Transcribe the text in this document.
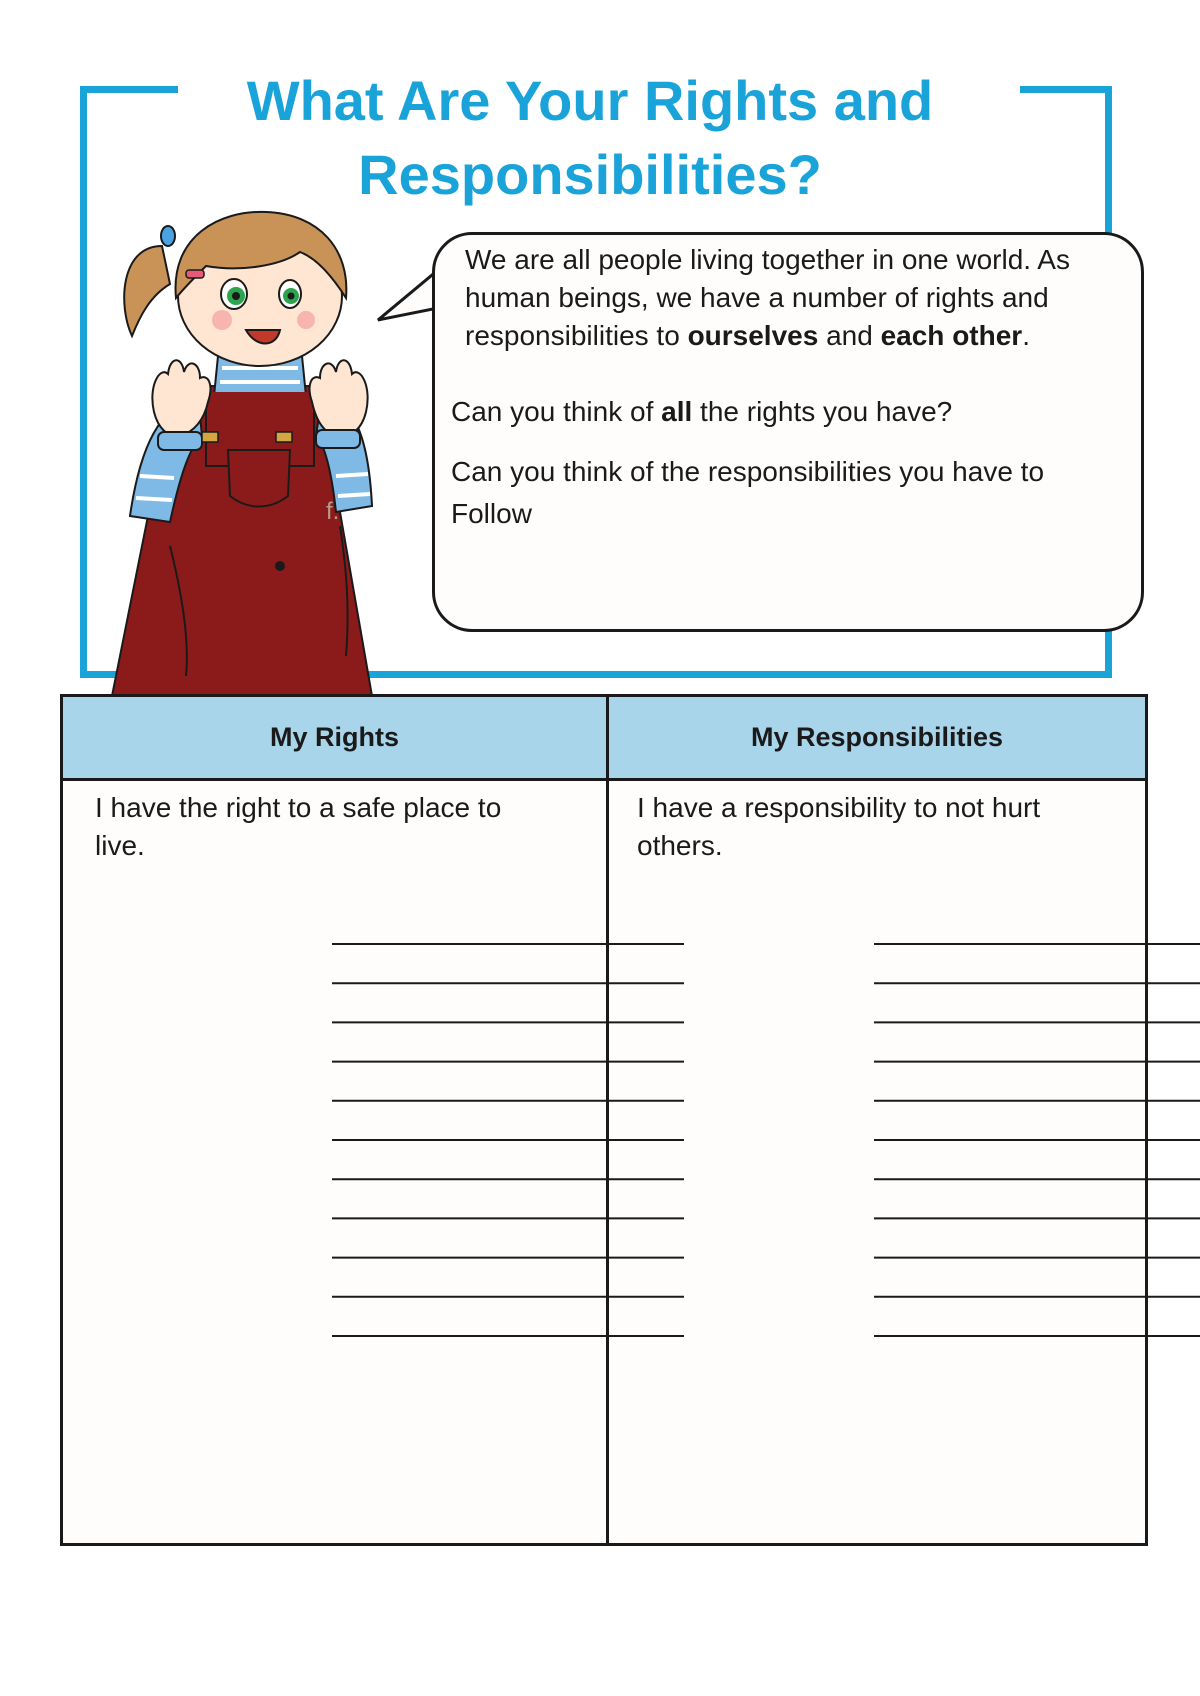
What Are Your Rights and
Responsibilities?

We are all people living together in one world. As human beings, we have a number of rights and responsibilities to ourselves and each other.

Can you think of all the rights you have?

Can you think of the responsibilities you have to
Follow

f.
My Rights	My Responsibilities

I have the right to a safe place to live.

I have a responsibility to not hurt others.
